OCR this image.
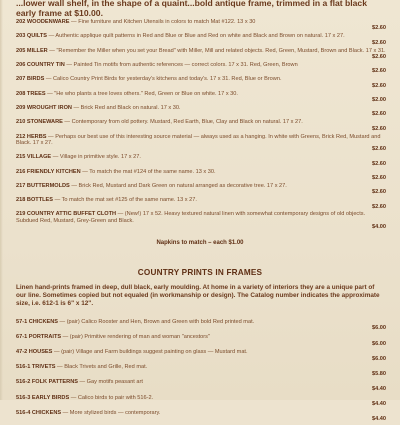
...lower wall shelf, in the shape of a quaint...bold antique frame, trimmed in a flat black early frame at $10.00.
202 WOODENWARE — Fine furniture and Kitchen Utensils in colors to match Mat #122. 13 x 30
$2.60
203 QUILTS — Authentic applique quilt patterns in Red and Blue or Blue and Red on white and Black and Brown on natural. 17 x 27.
$2.60
205 MILLER — "Remember the Miller when you set your Bread" with Miller, Mill and related objects. Red, Green, Mustard, Brown and Black. 17 x 31.
$2.60
206 COUNTRY TIN — Painted Tin motifs from authentic references — correct colors. 17 x 31. Red, Green, Brown
$2.60
207 BIRDS — Calico Country Print Birds for yesterday's kitchens and today's. 17 x 31. Red, Blue or Brown.
$2.60
208 TREES — "He who plants a tree loves others." Red, Green or Blue on white. 17 x 30.
$2.00
209 WROUGHT IRON — Brick Red and Black on natural. 17 x 30.
$2.60
210 STONEWARE — Contemporary from old pottery. Mustard, Red Earth, Blue, Clay and Black on natural. 17 x 27.
$2.60
212 HERBS — Perhaps our best use of this interesting source material — always used as a hanging. In white with Greens, Brick Red, Mustard and Black. 17 x 27.
$2.60
215 VILLAGE — Village in primitive style. 17 x 27.
$2.60
216 FRIENDLY KITCHEN — To match the mat #124 of the same name. 13 x 30.
$2.60
217 BUTTERMOLDS — Brick Red, Mustard and Dark Green on natural arranged as decorative tree. 17 x 27.
$2.60
218 BOTTLES — To match the mat set #125 of the same name. 13 x 27.
$2.60
219 COUNTRY ATTIC BUFFET CLOTH — (New!) 17 x 52. Heavy textured natural linen with somewhat contemporary designs of old objects. Subdued Red, Mustard, Grey-Green and Black.
$4.00
Napkins to match – each $1.00
COUNTRY PRINTS IN FRAMES
Linen hand-prints framed in deep, dull black, early moulding. At home in a variety of interiors they are a unique part of our line. Sometimes copied but not equaled (in workmanship or design). The Catalog number indicates the approximate size, i.e. 612-1 is 6" x 12".
57-1 CHICKENS — (pair) Calico Rooster and Hen, Brown and Green with bold Red printed mat.
$6.00
67-1 PORTRAITS — (pair) Primitive rendering of man and woman "ancestors"
$6.00
47-2 HOUSES — (pair) Village and Farm buildings suggest painting on glass — Mustard mat.
$6.00
516-1 TRIVETS — Black Trivets and Grille, Red mat.
$5.80
516-2 FOLK PATTERNS — Gay motifs peasant art
$4.40
516-3 EARLY BIRDS — Calico birds to pair with 516-2.
$4.40
516-4 CHICKENS — More stylized birds — contemporary.
$4.40
